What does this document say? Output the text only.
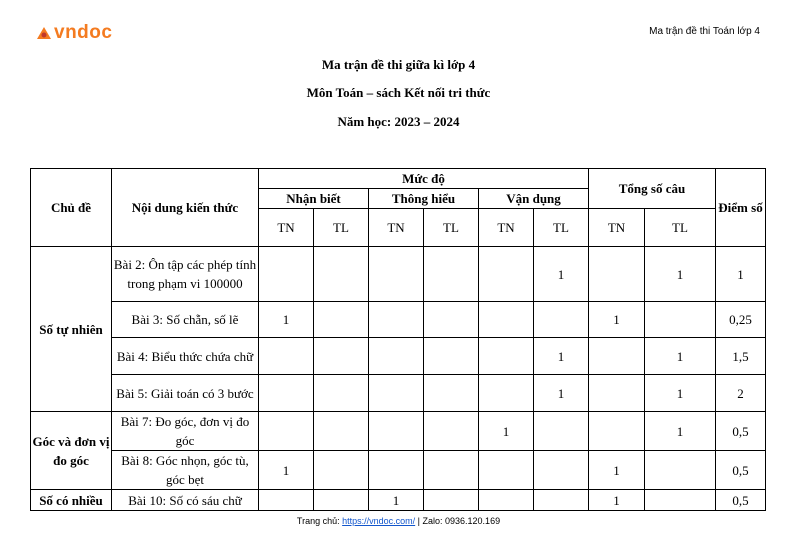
vndoc	Ma trận đề thi Toán lớp 4
Ma trận đề thi giữa kì lớp 4
Môn Toán – sách Kết nối tri thức
Năm học: 2023 – 2024
Chủ đề	Nội dung kiến thức	Mức độ						Tổng số câu		Điểm số
		Nhận biết		Thông hiểu		Vận dụng				
		TN	TL	TN	TL	TN	TL	TN	TL	
Số tự nhiên	Bài 2: Ôn tập các phép tính trong phạm vi 100000						1		1	1
	Bài 3: Số chẵn, số lẽ	1						1		0,25
	Bài 4: Biểu thức chứa chữ						1		1	1,5
	Bài 5: Giải toán có 3 bước						1		1	2
Góc và đơn vị đo góc	Bài 7: Đo góc, đơn vị đo góc					1			1	0,5
	Bài 8: Góc nhọn, góc tù, góc bẹt	1						1		0,5
Số có nhiều	Bài 10: Số có sáu chữ			1				1		0,5
Trang chủ: https://vndoc.com/ | Zalo: 0936.120.169
